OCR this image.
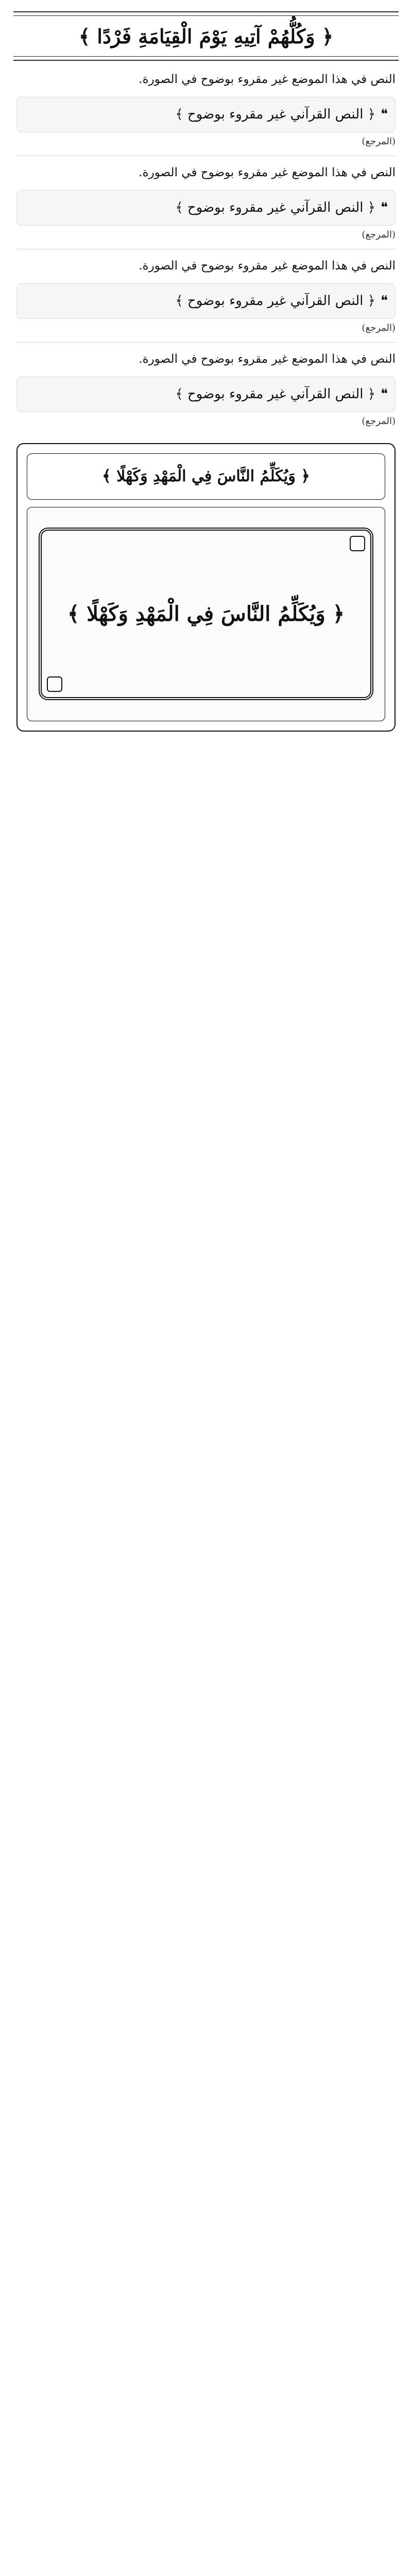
﴿ وَكُلُّهُمْ آتِيهِ يَوْمَ الْقِيَامَةِ فَرْدًا ﴾

النص في هذا الموضع غير مقروء بوضوح في الصورة.

❝
﴿ النص القرآني غير مقروء بوضوح ﴾
(المرجع)

النص في هذا الموضع غير مقروء بوضوح في الصورة.

❝
﴿ النص القرآني غير مقروء بوضوح ﴾
(المرجع)

النص في هذا الموضع غير مقروء بوضوح في الصورة.

❝
﴿ النص القرآني غير مقروء بوضوح ﴾
(المرجع)

النص في هذا الموضع غير مقروء بوضوح في الصورة.

❝
﴿ النص القرآني غير مقروء بوضوح ﴾
(المرجع)
﴿ وَيُكَلِّمُ النَّاسَ فِي الْمَهْدِ وَكَهْلًا ﴾
﴿ وَيُكَلِّمُ النَّاسَ فِي الْمَهْدِ وَكَهْلًا ﴾
